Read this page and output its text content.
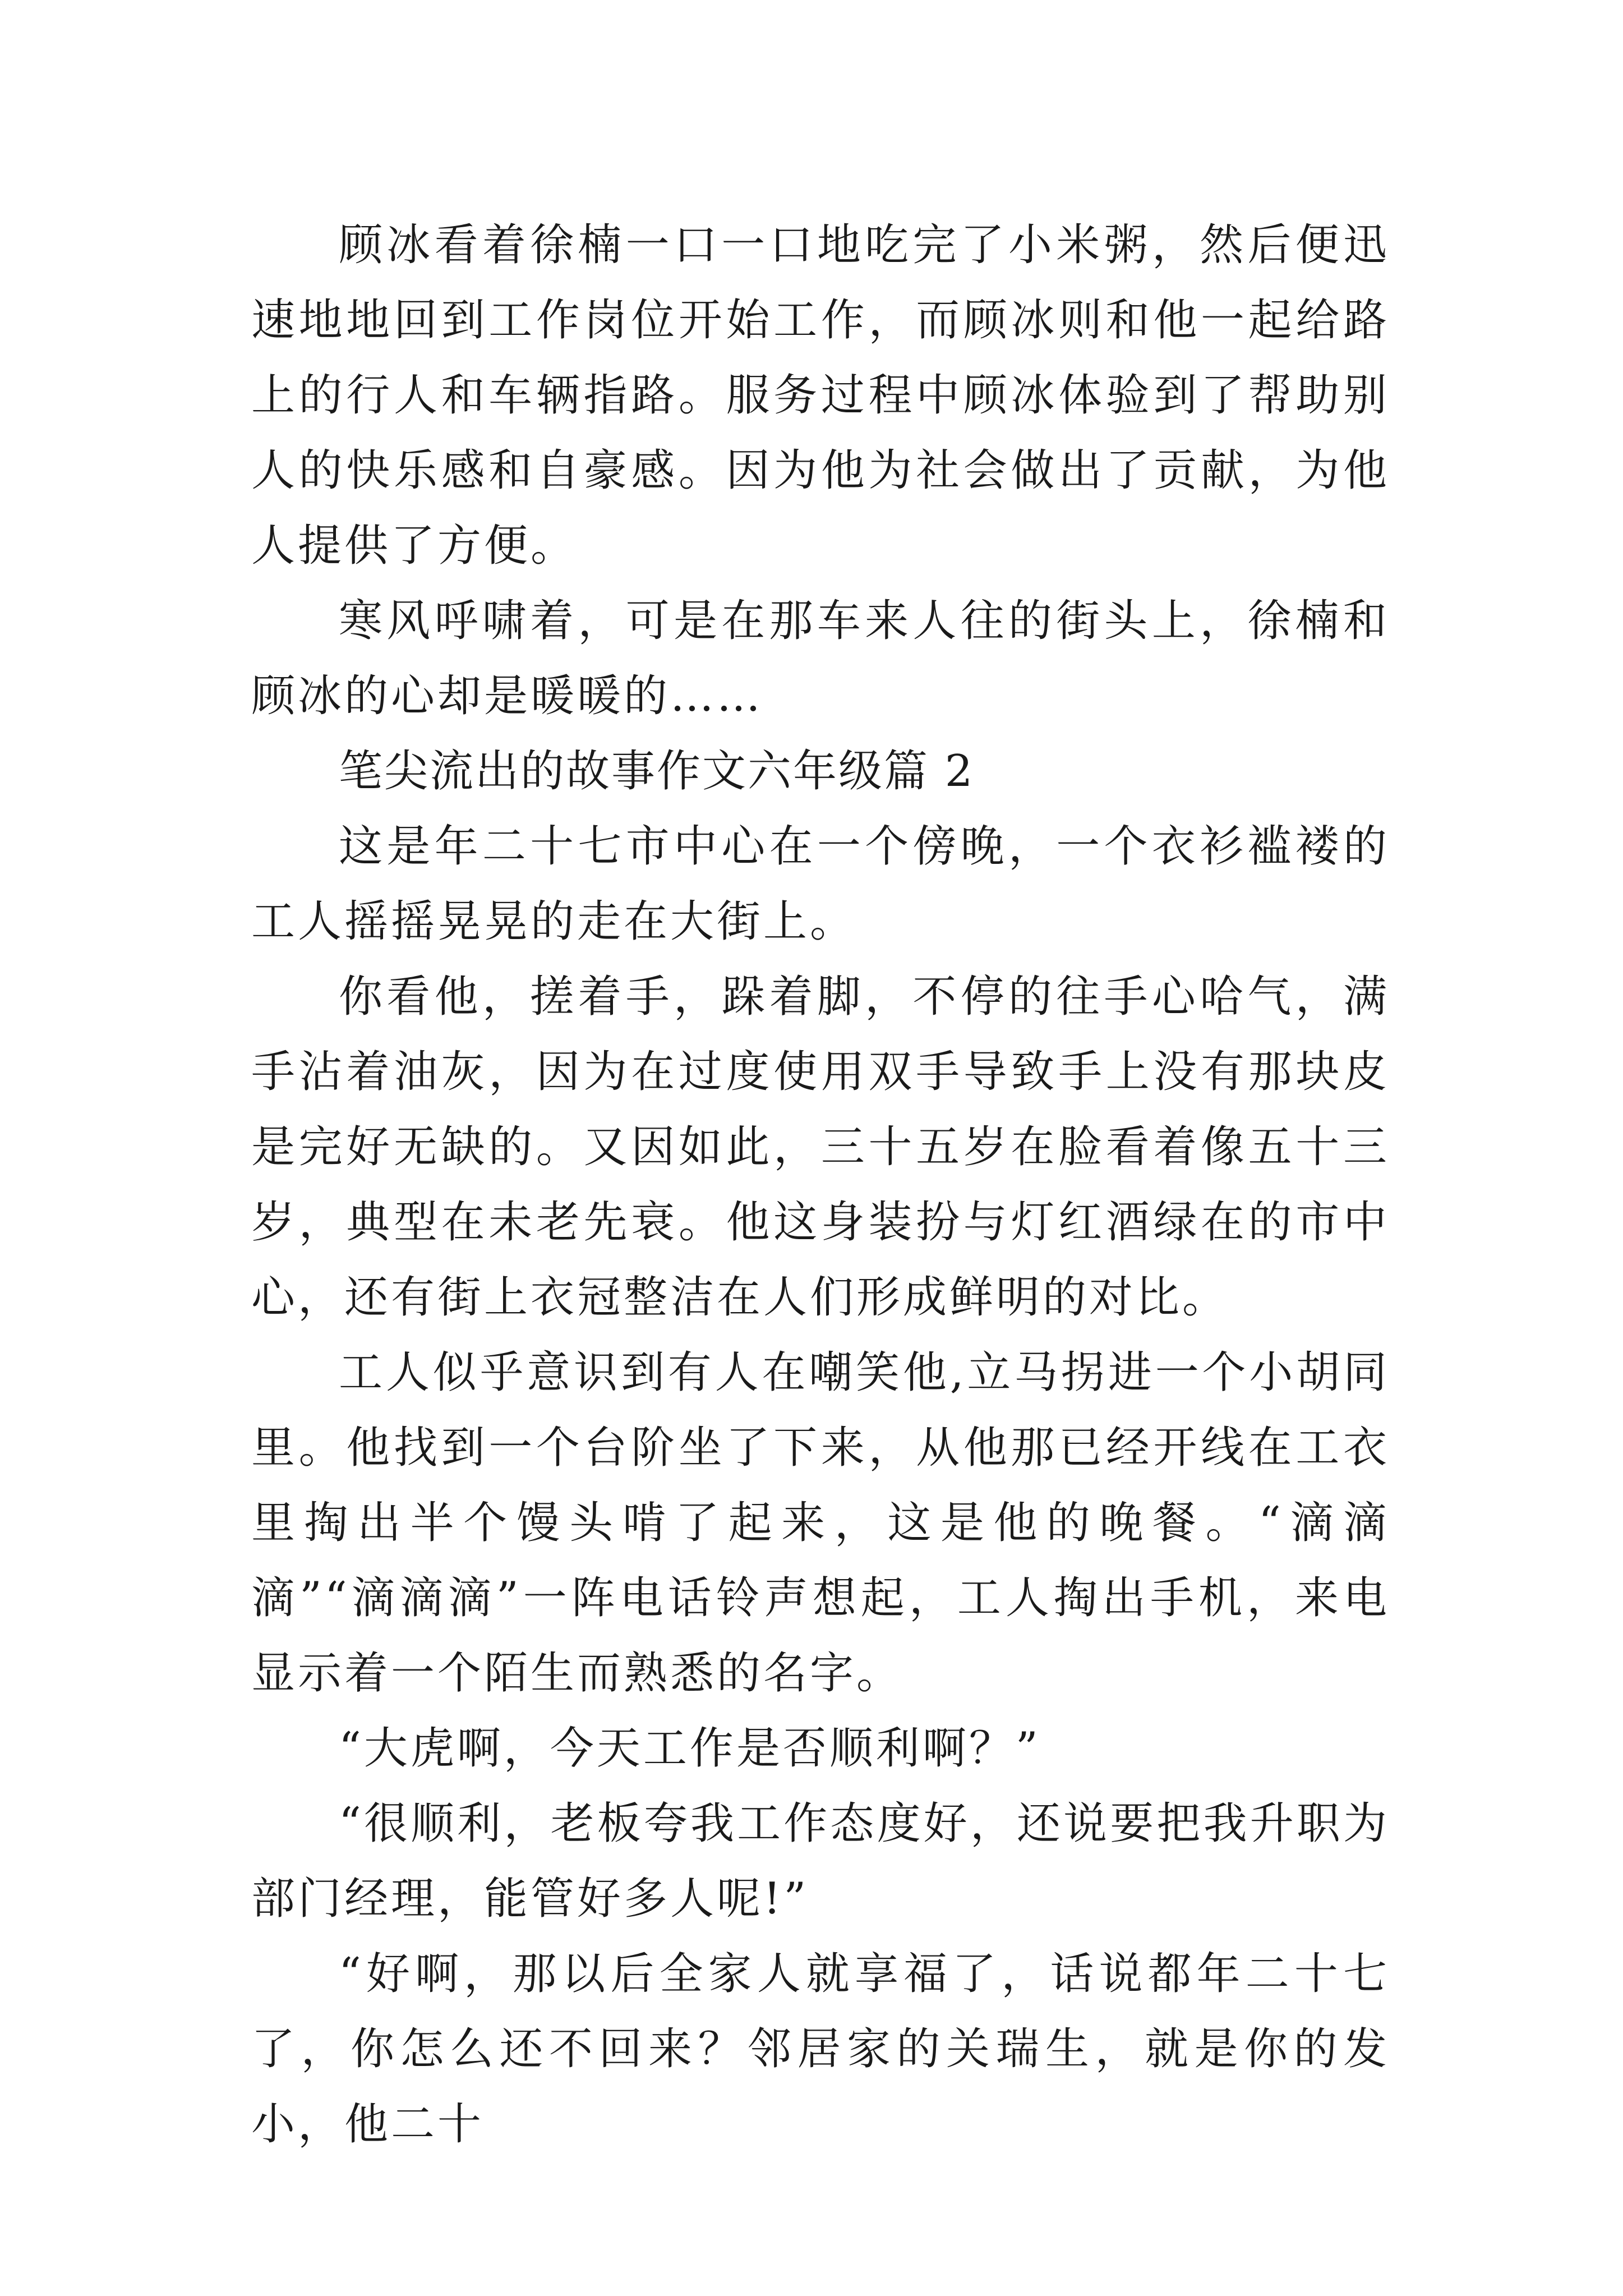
顾冰看着徐楠一口一口地吃完了小米粥，然后便迅速地地回到工作岗位开始工作，而顾冰则和他一起给路上的行人和车辆指路。服务过程中顾冰体验到了帮助别人的快乐感和自豪感。因为他为社会做出了贡献，为他人提供了方便。

寒风呼啸着，可是在那车来人往的街头上，徐楠和顾冰的心却是暖暖的……

笔尖流出的故事作文六年级篇 2

这是年二十七市中心在一个傍晚，一个衣衫褴褛的工人摇摇晃晃的走在大街上。

你看他，搓着手，跺着脚，不停的往手心哈气，满手沾着油灰，因为在过度使用双手导致手上没有那块皮是完好无缺的。又因如此，三十五岁在脸看着像五十三岁，典型在未老先衰。他这身装扮与灯红酒绿在的市中心，还有街上衣冠整洁在人们形成鲜明的对比。

工人似乎意识到有人在嘲笑他,立马拐进一个小胡同里。他找到一个台阶坐了下来，从他那已经开线在工衣里掏出半个馒头啃了起来，这是他的晚餐。“滴滴滴”“滴滴滴”一阵电话铃声想起，工人掏出手机，来电显示着一个陌生而熟悉的名字。

“大虎啊，今天工作是否顺利啊？”

“很顺利，老板夸我工作态度好，还说要把我升职为部门经理，能管好多人呢!”

“好啊，那以后全家人就享福了，话说都年二十七了，你怎么还不回来？邻居家的关瑞生，就是你的发小，他二十
